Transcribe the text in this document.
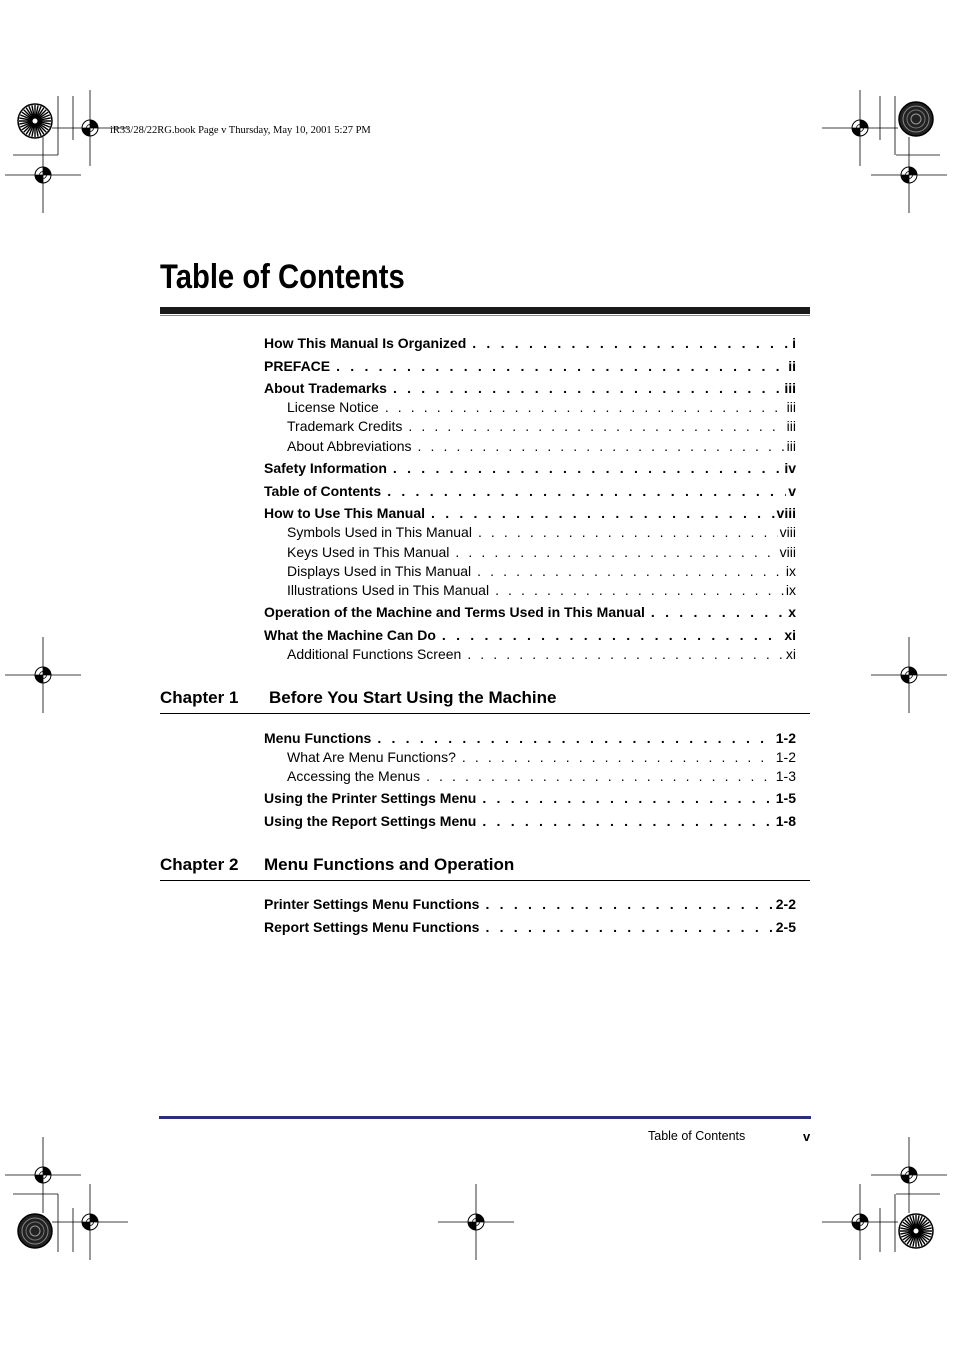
iR33/28/22RG.book Page v Thursday, May 10, 2001 5:27 PM
Table of Contents
How This Manual Is Organized . . .	i
PREFACE . . .	ii
About Trademarks . . .	iii
License Notice . . .	iii
Trademark Credits . . .	iii
About Abbreviations . . .	iii
Safety Information . . .	iv
Table of Contents . . .	v
How to Use This Manual . . .	viii
Symbols Used in This Manual . . .	viii
Keys Used in This Manual . . .	viii
Displays Used in This Manual . . .	ix
Illustrations Used in This Manual . . .	ix
Operation of the Machine and Terms Used in This Manual . . .	x
What the Machine Can Do . . .	xi
Additional Functions Screen . . .	xi
Chapter 1 Before You Start Using the Machine
Menu Functions . . .	1-2
What Are Menu Functions? . . .	1-2
Accessing the Menus . . .	1-3
Using the Printer Settings Menu . . .	1-5
Using the Report Settings Menu . . .	1-8
Chapter 2 Menu Functions and Operation
Printer Settings Menu Functions . . .	2-2
Report Settings Menu Functions . . .	2-5
Table of Contents	v
